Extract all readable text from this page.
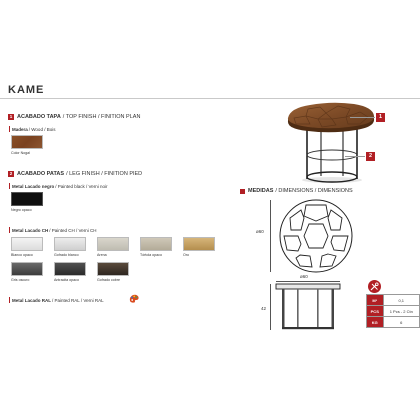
KAME
1 ACABADO TAPA / TOP FINISH / FINITION PLAN
Madera / Wood / Bois
Color Nogal
2 ACABADO PATAS / LEG FINISH / FINITION PIED
Metal Lacado negro / Painted black / Verni noir
Negro opaco
Metal Lacado CH / Painted CH / Verni CH
Blanco opaco	Gofrado blanco	Arena	Tórtola opaco	Oro
Gris oscuro	Antracita opaco	Gofrado cobre
Metal Lacado RAL / Painted RAL / Verni RAL
1
2
MEDIDAS / DIMENSIONS / DIMENSIONS
ø60
ø60
42
M³	0,1
PCS	1 Pcs - 2 Ctn
KG	6
